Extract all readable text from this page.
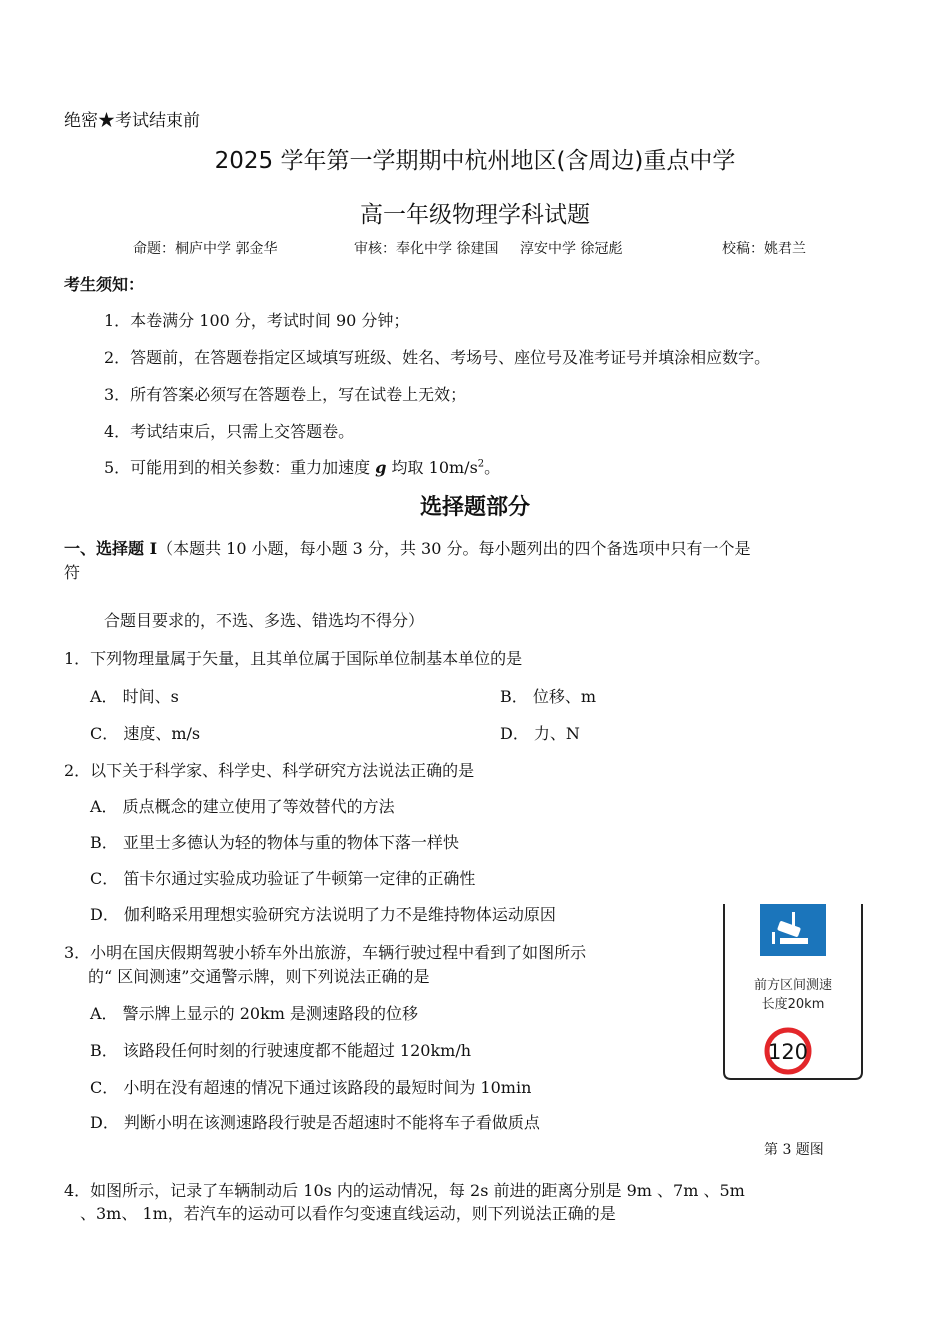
绝密★考试结束前
2025 学年第一学期期中杭州地区(含周边)重点中学
高一年级物理学科试题
命题：桐庐中学 郭金华	审核：奉化中学 徐建国 淳安中学 徐冠彪	校稿：姚君兰
考生须知：
1．本卷满分 100 分，考试时间 90 分钟；
2．答题前，在答题卷指定区域填写班级、姓名、考场号、座位号及准考证号并填涂相应数字。
3．所有答案必须写在答题卷上，写在试卷上无效；
4．考试结束后，只需上交答题卷。
5．可能用到的相关参数：重力加速度 g 均取 $10m/s^2$。
选择题部分
一、选择题 Ⅰ（本题共 10 小题，每小题 3 分，共 30 分。每小题列出的四个备选项中只有一个是
符
合题目要求的，不选、多选、错选均不得分）
1．下列物理量属于矢量，且其单位属于国际单位制基本单位的是
A． 时间、s	B． 位移、m
C． 速度、m/s	D． 力、N
2．以下关于科学家、科学史、科学研究方法说法正确的是
A． 质点概念的建立使用了等效替代的方法
B． 亚里士多德认为轻的物体与重的物体下落一样快
C． 笛卡尔通过实验成功验证了牛顿第一定律的正确性
D． 伽利略采用理想实验研究方法说明了力不是维持物体运动原因
3．小明在国庆假期驾驶小轿车外出旅游，车辆行驶过程中看到了如图所示
的“ 区间测速”交通警示牌，则下列说法正确的是
A． 警示牌上显示的 20km 是测速路段的位移
B． 该路段任何时刻的行驶速度都不能超过 120km/h
C． 小明在没有超速的情况下通过该路段的最短时间为 10min
D． 判断小明在该测速路段行驶是否超速时不能将车子看做质点
前方区间测速
长度20km
120
第 3 题图
4．如图所示，记录了车辆制动后 10s 内的运动情况，每 2s 前进的距离分别是 9m 、7m 、5m
、3m、 1m，若汽车的运动可以看作匀变速直线运动，则下列说法正确的是
